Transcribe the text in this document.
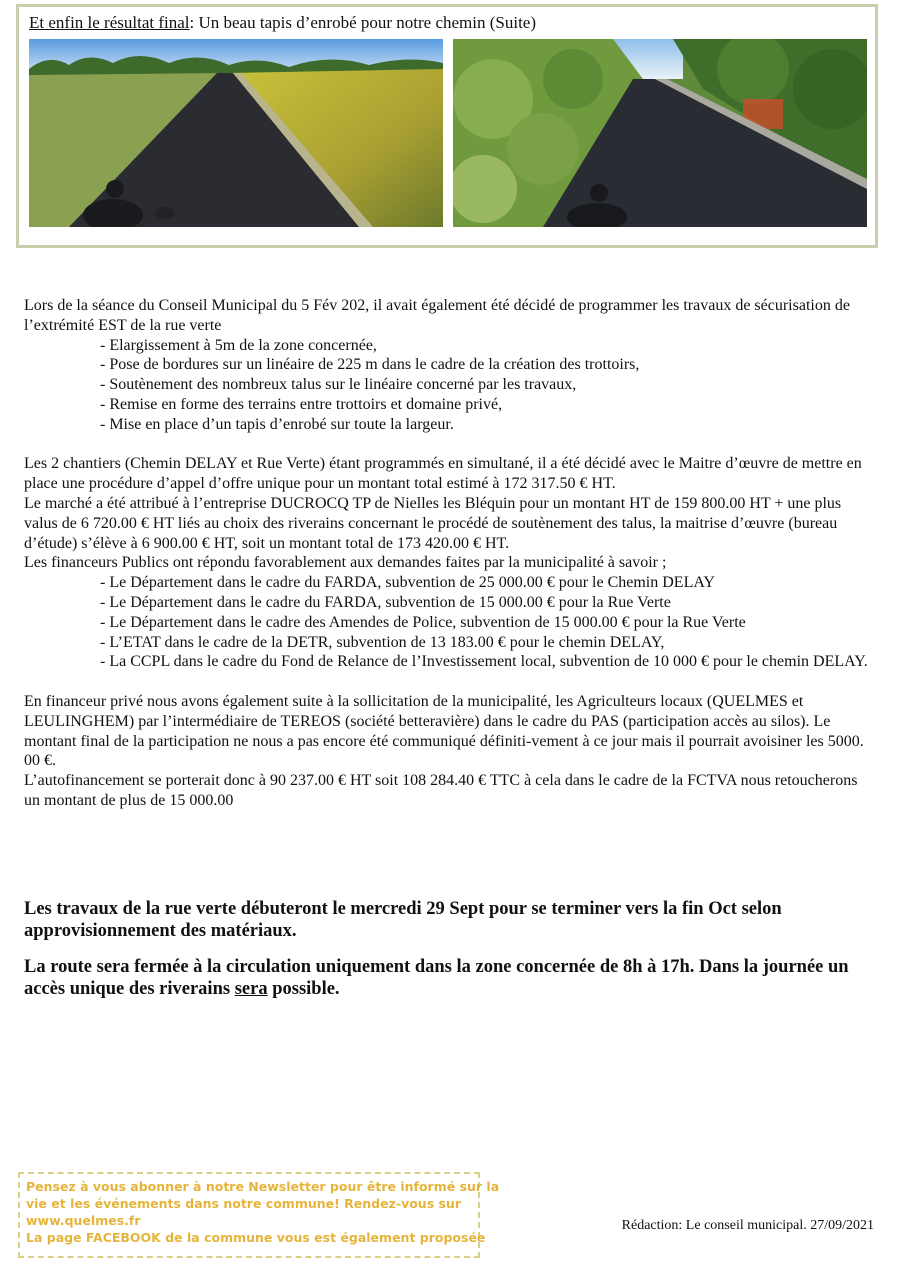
Et enfin le résultat final: Un beau tapis d’enrobé pour notre chemin (Suite)

Lors de la séance du Conseil Municipal du 5 Fév 202, il avait également été décidé de programmer les travaux de sécurisation de l’extrémité EST de la rue verte

- Elargissement à 5m de la zone concernée,
- Pose de bordures sur un linéaire de 225 m dans le cadre de la création des trottoirs,
- Soutènement des nombreux talus sur le linéaire concerné par les travaux,
- Remise en forme des terrains entre trottoirs et domaine privé,
- Mise en place d’un tapis d’enrobé sur toute la largeur.

Les 2 chantiers (Chemin DELAY et Rue Verte) étant programmés en simultané, il a été décidé avec le Maitre d’œuvre de mettre en place une procédure d’appel d’offre unique pour un montant total estimé à 172 317.50 € HT.

Le marché a été attribué à l’entreprise DUCROCQ TP de Nielles les Bléquin pour un montant HT de 159 800.00 HT + une plus valus de 6 720.00 € HT liés au choix des riverains concernant le procédé de soutènement des talus, la maitrise d’œuvre (bureau d’étude) s’élève à 6 900.00 € HT, soit un montant total de 173 420.00 € HT.

Les financeurs Publics ont répondu favorablement aux demandes faites par la municipalité à savoir ;

- Le Département dans le cadre du FARDA, subvention de 25 000.00 € pour le Chemin DELAY
- Le Département dans le cadre du FARDA, subvention de 15 000.00 € pour la Rue Verte
- Le Département dans le cadre des Amendes de Police, subvention de 15 000.00 € pour la Rue Verte
- L’ETAT dans le cadre de la DETR, subvention de 13 183.00 € pour le chemin DELAY,
- La CCPL dans le cadre du Fond de Relance de l’Investissement local, subvention de 10 000 € pour le chemin DELAY.

En financeur privé nous avons également suite à la sollicitation de la municipalité, les Agriculteurs locaux (QUELMES et LEULINGHEM) par l’intermédiaire de TEREOS (société betteravière) dans le cadre du PAS (participation accès au silos). Le montant final de la participation ne nous a pas encore été communiqué définiti-vement à ce jour mais il pourrait avoisiner les 5000. 00 €.

L’autofinancement se porterait donc à 90 237.00 € HT soit 108 284.40 € TTC à cela dans le cadre de la FCTVA nous retoucherons un montant de plus de 15 000.00

Les travaux de la rue verte débuteront le mercredi 29 Sept pour se terminer vers la fin Oct selon approvisionnement des matériaux.
La route sera fermée à la circulation uniquement dans la zone concernée de 8h à 17h. Dans la journée un accès unique des riverains sera possible.
Pensez à vous abonner à notre Newsletter pour être informé sur la
vie et les événements dans notre commune! Rendez-vous sur
www.quelmes.fr
La page FACEBOOK de la commune vous est également proposée
Rédaction: Le conseil municipal. 27/09/2021
